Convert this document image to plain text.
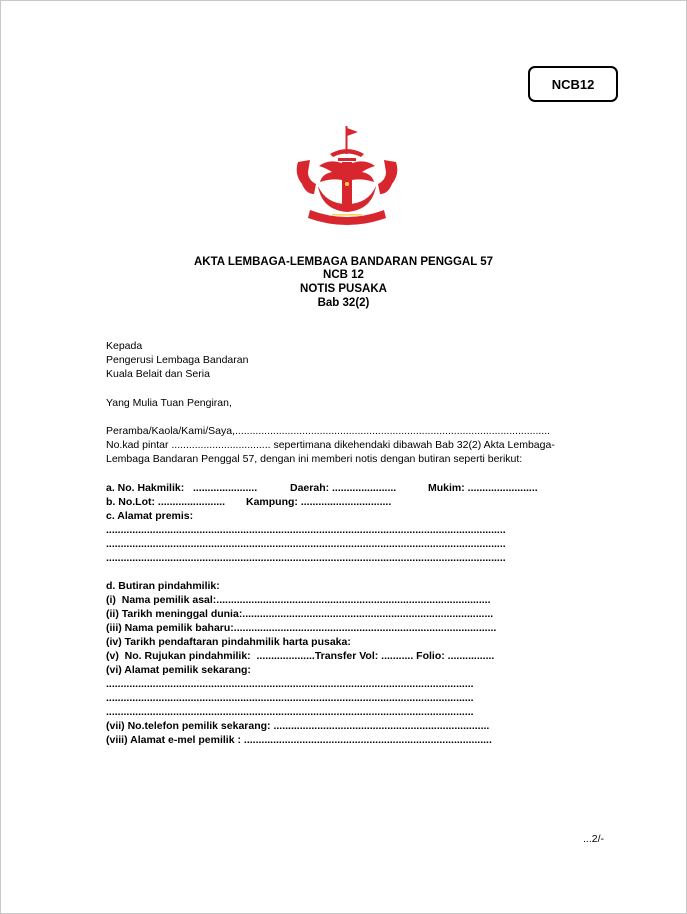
NCB12
AKTA LEMBAGA-LEMBAGA BANDARAN PENGGAL 57
NCB 12
NOTIS PUSAKA
Bab 32(2)
Kepada
Pengerusi Lembaga Bandaran
Kuala Belait dan Seria
Yang Mulia Tuan Pengiran,
Peramba/Kaola/Kami/Saya,............................................................................................................
No.kad pintar .................................. sepertimana dikehendaki dibawah Bab 32(2) Akta Lembaga-
Lembaga Bandaran Penggal 57, dengan ini memberi notis dengan butiran seperti berikut:
a. No. Hakmilik:   ......................	Daerah: ......................	Mukim: ........................
b. No.Lot: ....................... Kampung: ...............................
c. Alamat premis:
.........................................................................................................................................
.........................................................................................................................................
.........................................................................................................................................
d. Butiran pindahmilik:
(i)  Nama pemilik asal:..............................................................................................
(ii) Tarikh meninggal dunia:......................................................................................
(iii) Nama pemilik baharu:..........................................................................................
(iv) Tarikh pendaftaran pindahmilik harta pusaka:
(v)  No. Rujukan pindahmilik:  ....................Transfer Vol: ........... Folio: ................
(vi) Alamat pemilik sekarang:
..............................................................................................................................
..............................................................................................................................
..............................................................................................................................
(vii) No.telefon pemilik sekarang: ..........................................................................
(viii) Alamat e-mel pemilik : .....................................................................................
...2/-
